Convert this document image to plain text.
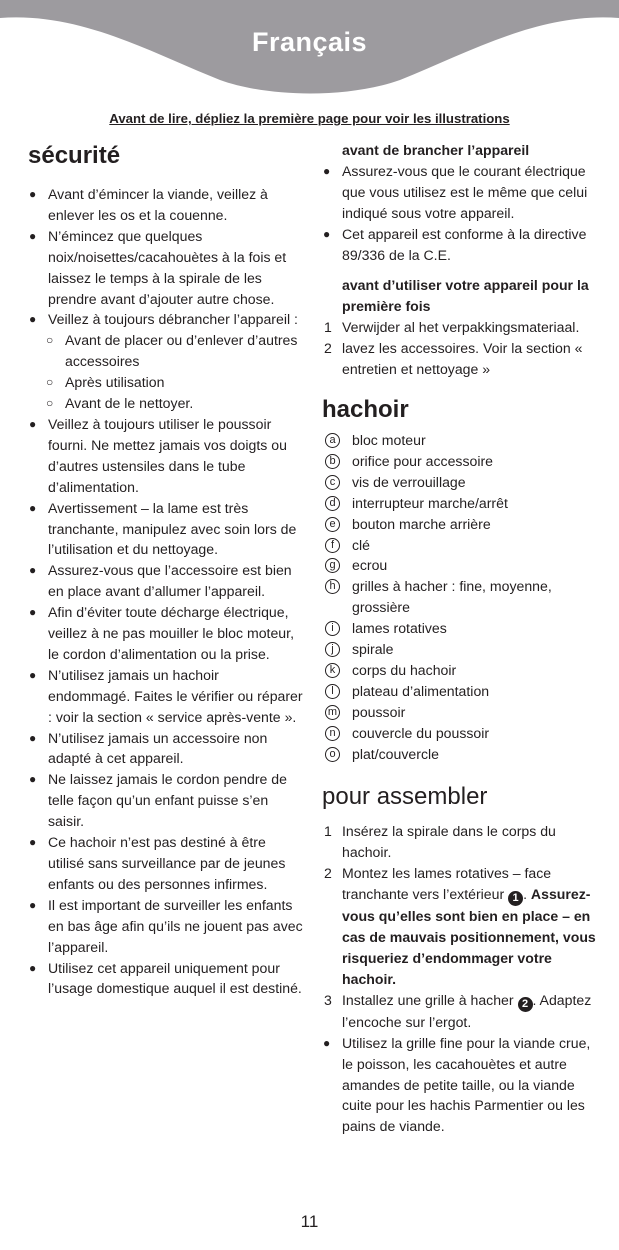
Français
Avant de lire, dépliez la première page pour voir les illustrations
sécurité
● Avant d’émincer la viande, veillez à enlever les os et la couenne.
● N’émincez que quelques noix/noisettes/cacahouètes à la fois et laissez le temps à la spirale de les prendre avant d’ajouter autre chose.
● Veillez à toujours débrancher l’appareil :
○ Avant de placer ou d’enlever d’autres accessoires
○ Après utilisation
○ Avant de le nettoyer.
● Veillez à toujours utiliser le poussoir fourni. Ne mettez jamais vos doigts ou d’autres ustensiles dans le tube d’alimentation.
● Avertissement – la lame est très tranchante, manipulez avec soin lors de l’utilisation et du nettoyage.
● Assurez-vous que l’accessoire est bien en place avant d’allumer l’appareil.
● Afin d’éviter toute décharge électrique, veillez à ne pas mouiller le bloc moteur, le cordon d’alimentation ou la prise.
● N’utilisez jamais un hachoir endommagé. Faites le vérifier ou réparer : voir la section « service après-vente ».
● N’utilisez jamais un accessoire non adapté à cet appareil.
● Ne laissez jamais le cordon pendre de telle façon qu’un enfant puisse s’en saisir.
● Ce hachoir n’est pas destiné à être utilisé sans surveillance par de jeunes enfants ou des personnes infirmes.
● Il est important de surveiller les enfants en bas âge afin qu’ils ne jouent pas avec l’appareil.
● Utilisez cet appareil uniquement pour l’usage domestique auquel il est destiné.
avant de brancher l’appareil
● Assurez-vous que le courant électrique que vous utilisez est le même que celui indiqué sous votre appareil.
● Cet appareil est conforme à la directive 89/336 de la C.E.
avant d’utiliser votre appareil pour la première fois
1 Verwijder al het verpakkingsmateriaal.
2 lavez les accessoires. Voir la section « entretien et nettoyage »
hachoir
a	bloc moteur
b	orifice pour accessoire
c	vis de verrouillage
d	interrupteur marche/arrêt
e	bouton marche arrière
f	clé
g	ecrou
h	grilles à hacher : fine, moyenne, grossière
i	lames rotatives
j	spirale
k	corps du hachoir
l	plateau d’alimentation
m poussoir
n	couvercle du poussoir
o	plat/couvercle
pour assembler
1 Insérez la spirale dans le corps du hachoir.
2 Montez les lames rotatives – face tranchante vers l’extérieur 1 . Assurez-vous qu’elles sont bien en place – en cas de mauvais positionnement, vous risqueriez d’endommager votre hachoir.
3 Installez une grille à hacher 2 . Adaptez l’encoche sur l’ergot.
● Utilisez la grille fine pour la viande crue, le poisson, les cacahouètes et autre amandes de petite taille, ou la viande cuite pour les hachis Parmentier ou les pains de viande.
11
